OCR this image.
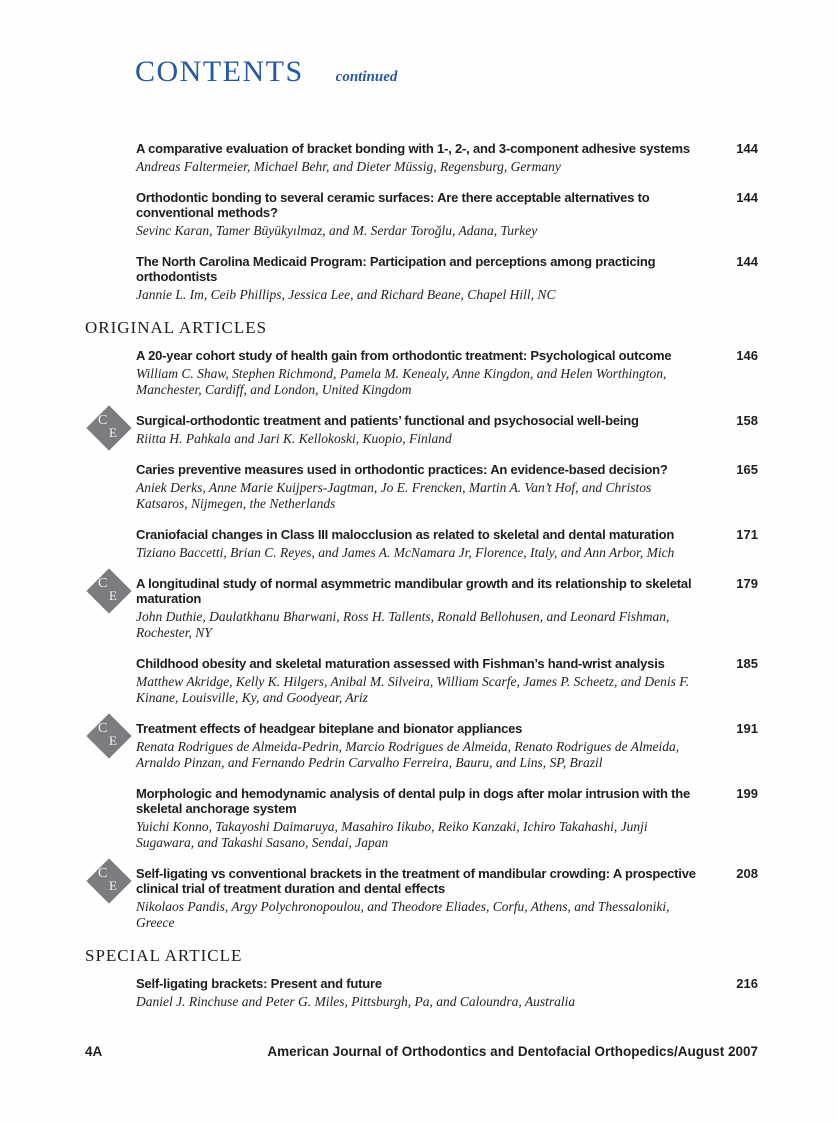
CONTENTS continued
A comparative evaluation of bracket bonding with 1-, 2-, and 3-component adhesive systems
Andreas Faltermeier, Michael Behr, and Dieter Müssig, Regensburg, Germany
144
Orthodontic bonding to several ceramic surfaces: Are there acceptable alternatives to conventional methods?
Sevinc Karan, Tamer Büyükyılmaz, and M. Serdar Toroğlu, Adana, Turkey
144
The North Carolina Medicaid Program: Participation and perceptions among practicing orthodontists
Jannie L. Im, Ceib Phillips, Jessica Lee, and Richard Beane, Chapel Hill, NC
144
ORIGINAL ARTICLES
A 20-year cohort study of health gain from orthodontic treatment: Psychological outcome
William C. Shaw, Stephen Richmond, Pamela M. Kenealy, Anne Kingdon, and Helen Worthington, Manchester, Cardiff, and London, United Kingdom
146
C
E
Surgical-orthodontic treatment and patients’ functional and psychosocial well-being
Riitta H. Pahkala and Jari K. Kellokoski, Kuopio, Finland
158
Caries preventive measures used in orthodontic practices: An evidence-based decision?
Aniek Derks, Anne Marie Kuijpers-Jagtman, Jo E. Frencken, Martin A. Van’t Hof, and Christos Katsaros, Nijmegen, the Netherlands
165
Craniofacial changes in Class III malocclusion as related to skeletal and dental maturation
Tiziano Baccetti, Brian C. Reyes, and James A. McNamara Jr, Florence, Italy, and Ann Arbor, Mich
171
C
E
A longitudinal study of normal asymmetric mandibular growth and its relationship to skeletal maturation
John Duthie, Daulatkhanu Bharwani, Ross H. Tallents, Ronald Bellohusen, and Leonard Fishman, Rochester, NY
179
Childhood obesity and skeletal maturation assessed with Fishman’s hand-wrist analysis
Matthew Akridge, Kelly K. Hilgers, Anibal M. Silveira, William Scarfe, James P. Scheetz, and Denis F. Kinane, Louisville, Ky, and Goodyear, Ariz
185
C
E
Treatment effects of headgear biteplane and bionator appliances
Renata Rodrigues de Almeida-Pedrin, Marcio Rodrigues de Almeida, Renato Rodrigues de Almeida, Arnaldo Pinzan, and Fernando Pedrin Carvalho Ferreira, Bauru, and Lins, SP, Brazil
191
Morphologic and hemodynamic analysis of dental pulp in dogs after molar intrusion with the skeletal anchorage system
Yuichi Konno, Takayoshi Daimaruya, Masahiro Iikubo, Reiko Kanzaki, Ichiro Takahashi, Junji Sugawara, and Takashi Sasano, Sendai, Japan
199
C
E
Self-ligating vs conventional brackets in the treatment of mandibular crowding: A prospective clinical trial of treatment duration and dental effects
Nikolaos Pandis, Argy Polychronopoulou, and Theodore Eliades, Corfu, Athens, and Thessaloniki, Greece
208
SPECIAL ARTICLE
Self-ligating brackets: Present and future
Daniel J. Rinchuse and Peter G. Miles, Pittsburgh, Pa, and Caloundra, Australia
216
4A	American Journal of Orthodontics and Dentofacial Orthopedics/August 2007
